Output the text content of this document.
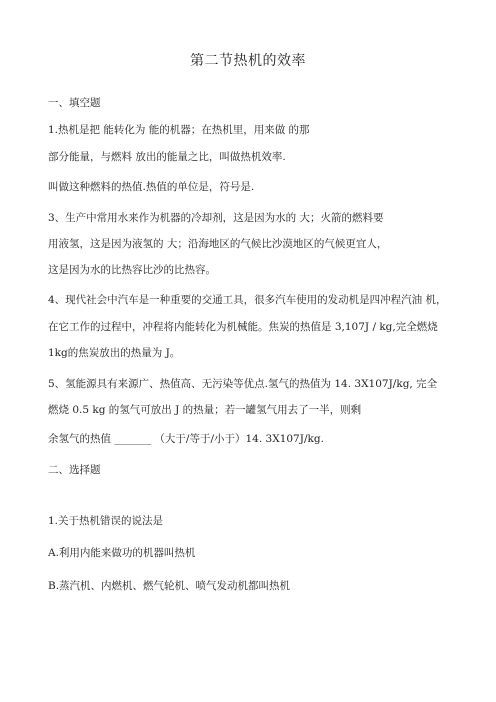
第二节热机的效率
一、填空题
1.热机是把 能转化为 能的机器；在热机里，用来做 的那
部分能量，与燃料 放出的能量之比，叫做热机效率.
叫做这种燃料的热值.热值的单位是，符号是.
3、生产中常用水来作为机器的冷却剂，这是因为水的 大；火箭的燃料要
用液氢，这是因为液氢的 大；沿海地区的气候比沙漠地区的气候更宜人，
这是因为水的比热容比沙的比热容。
4、现代社会中汽车是一种重要的交通工具，很多汽车使用的发动机是四冲程汽油 机，
在它工作的过程中，冲程将内能转化为机械能。焦炭的热值是 3,107J / kg,完全燃烧
1kg的焦炭放出的热量为 J。
5、氢能源具有来源广、热值高、无污染等优点.氢气的热值为 14. 3X107J/kg, 完全
燃烧 0.5 kg 的氢气可放出 J 的热量；若一罐氢气用去了一半，则剩
余氢气的热值 _______ （大于/等于/小于）14. 3X107J/kg.
二、选择题
1.关于热机错误的说法是
A.利用内能来做功的机器叫热机
B.蒸汽机、内燃机、燃气轮机、喷气发动机都叫热机
